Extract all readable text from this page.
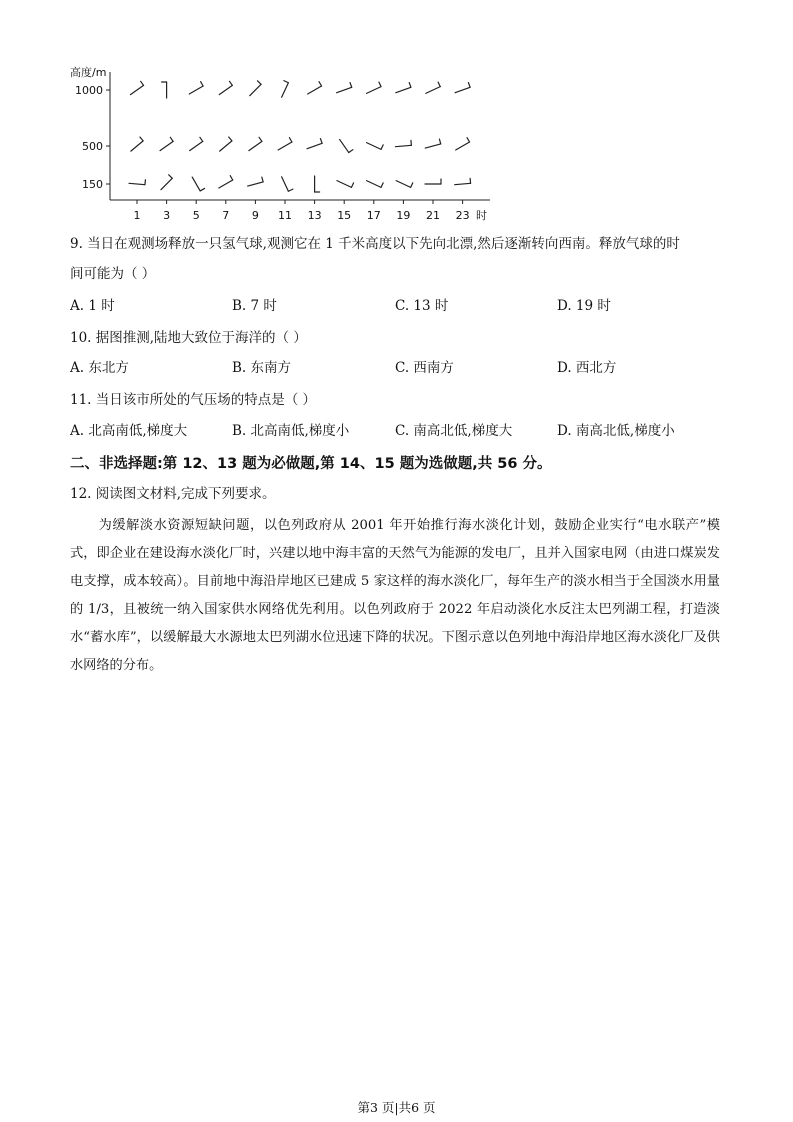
高度/m
1000
500
150
1 3 5 7 9 11 13 15 17 19 21 23 时
9. 当日在观测场释放一只氢气球,观测它在 1 千米高度以下先向北漂,然后逐渐转向西南。释放气球的时
间可能为（ ）
A. 1 时	B. 7 时	C. 13 时	D. 19 时
10. 据图推测,陆地大致位于海洋的（ ）
A. 东北方	B. 东南方	C. 西南方	D. 西北方
11. 当日该市所处的气压场的特点是（ ）
A. 北高南低,梯度大	B. 北高南低,梯度小	C. 南高北低,梯度大	D. 南高北低,梯度小
二、非选择题:第 12、13 题为必做题,第 14、15 题为选做题,共 56 分。
12. 阅读图文材料,完成下列要求。
为缓解淡水资源短缺问题，以色列政府从 2001 年开始推行海水淡化计划，鼓励企业实行“电水联产”模式，即企业在建设海水淡化厂时，兴建以地中海丰富的天然气为能源的发电厂，且并入国家电网（由进口煤炭发电支撑，成本较高）。目前地中海沿岸地区已建成 5 家这样的海水淡化厂，每年生产的淡水相当于全国淡水用量的 1/3，且被统一纳入国家供水网络优先利用。以色列政府于 2022 年启动淡化水反注太巴列湖工程，打造淡水“蓄水库”，以缓解最大水源地太巴列湖水位迅速下降的状况。下图示意以色列地中海沿岸地区海水淡化厂及供水网络的分布。
第3 页|共6 页
